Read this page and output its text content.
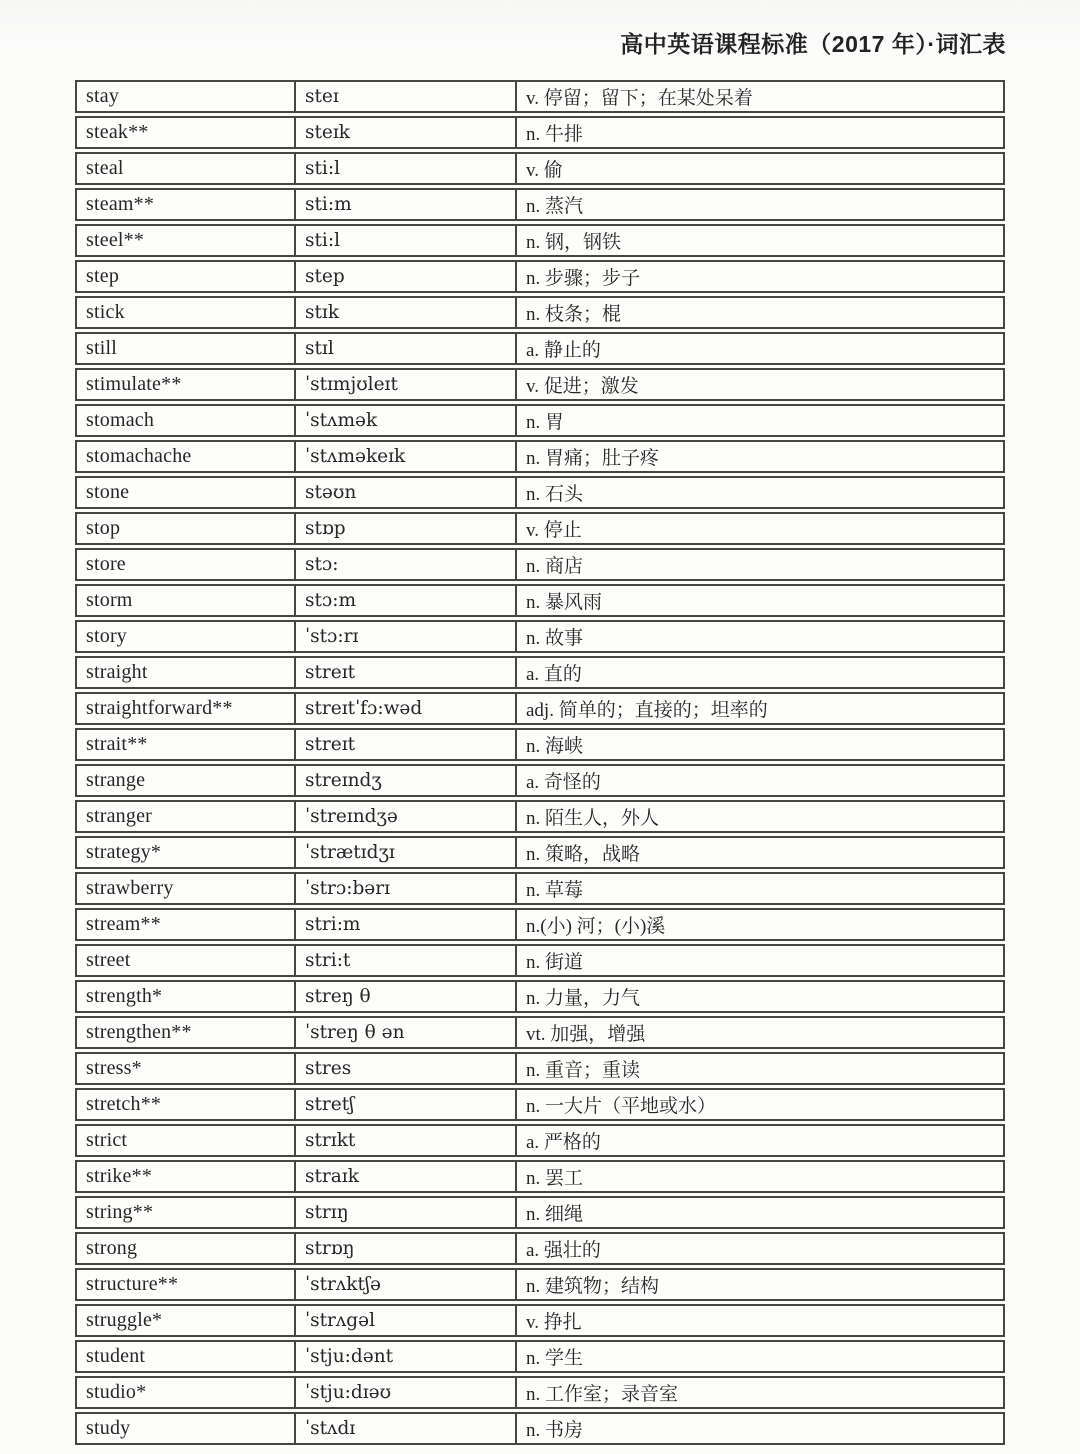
高中英语课程标准（2017 年）·词汇表
stay	steɪ	v. 停留；留下；在某处呆着
steak**	steɪk	n. 牛排
steal	sti:l	v. 偷
steam**	sti:m	n. 蒸汽
steel**	sti:l	n. 钢，钢铁
step	step	n. 步骤；步子
stick	stɪk	n. 枝条；棍
still	stɪl	a. 静止的
stimulate**	ˈstɪmjʊleɪt	v. 促进；激发
stomach	ˈstʌmək	n. 胃
stomachache	ˈstʌməkeɪk	n. 胃痛；肚子疼
stone	stəʊn	n. 石头
stop	stɒp	v. 停止
store	stɔ:	n. 商店
storm	stɔ:m	n. 暴风雨
story	ˈstɔ:rɪ	n. 故事
straight	streɪt	a. 直的
straightforward**	streɪtˈfɔ:wəd	adj. 简单的；直接的；坦率的
strait**	streɪt	n. 海峡
strange	streɪndʒ	a. 奇怪的
stranger	ˈstreɪndʒə	n. 陌生人，外人
strategy*	ˈstrætɪdʒɪ	n. 策略，战略
strawberry	ˈstrɔ:bərɪ	n. 草莓
stream**	stri:m	n.(小) 河；(小)溪
street	stri:t	n. 街道
strength*	streŋ θ	n. 力量，力气
strengthen**	ˈstreŋ θ ən	vt. 加强，增强
stress*	stres	n. 重音；重读
stretch**	stretʃ	n. 一大片（平地或水）
strict	strɪkt	a. 严格的
strike**	straɪk	n. 罢工
string**	strɪŋ	n. 细绳
strong	strɒŋ	a. 强壮的
structure**	ˈstrʌktʃə	n. 建筑物；结构
struggle*	ˈstrʌgəl	v. 挣扎
student	ˈstju:dənt	n. 学生
studio*	ˈstju:dɪəʊ	n. 工作室；录音室
study	ˈstʌdɪ	n. 书房
